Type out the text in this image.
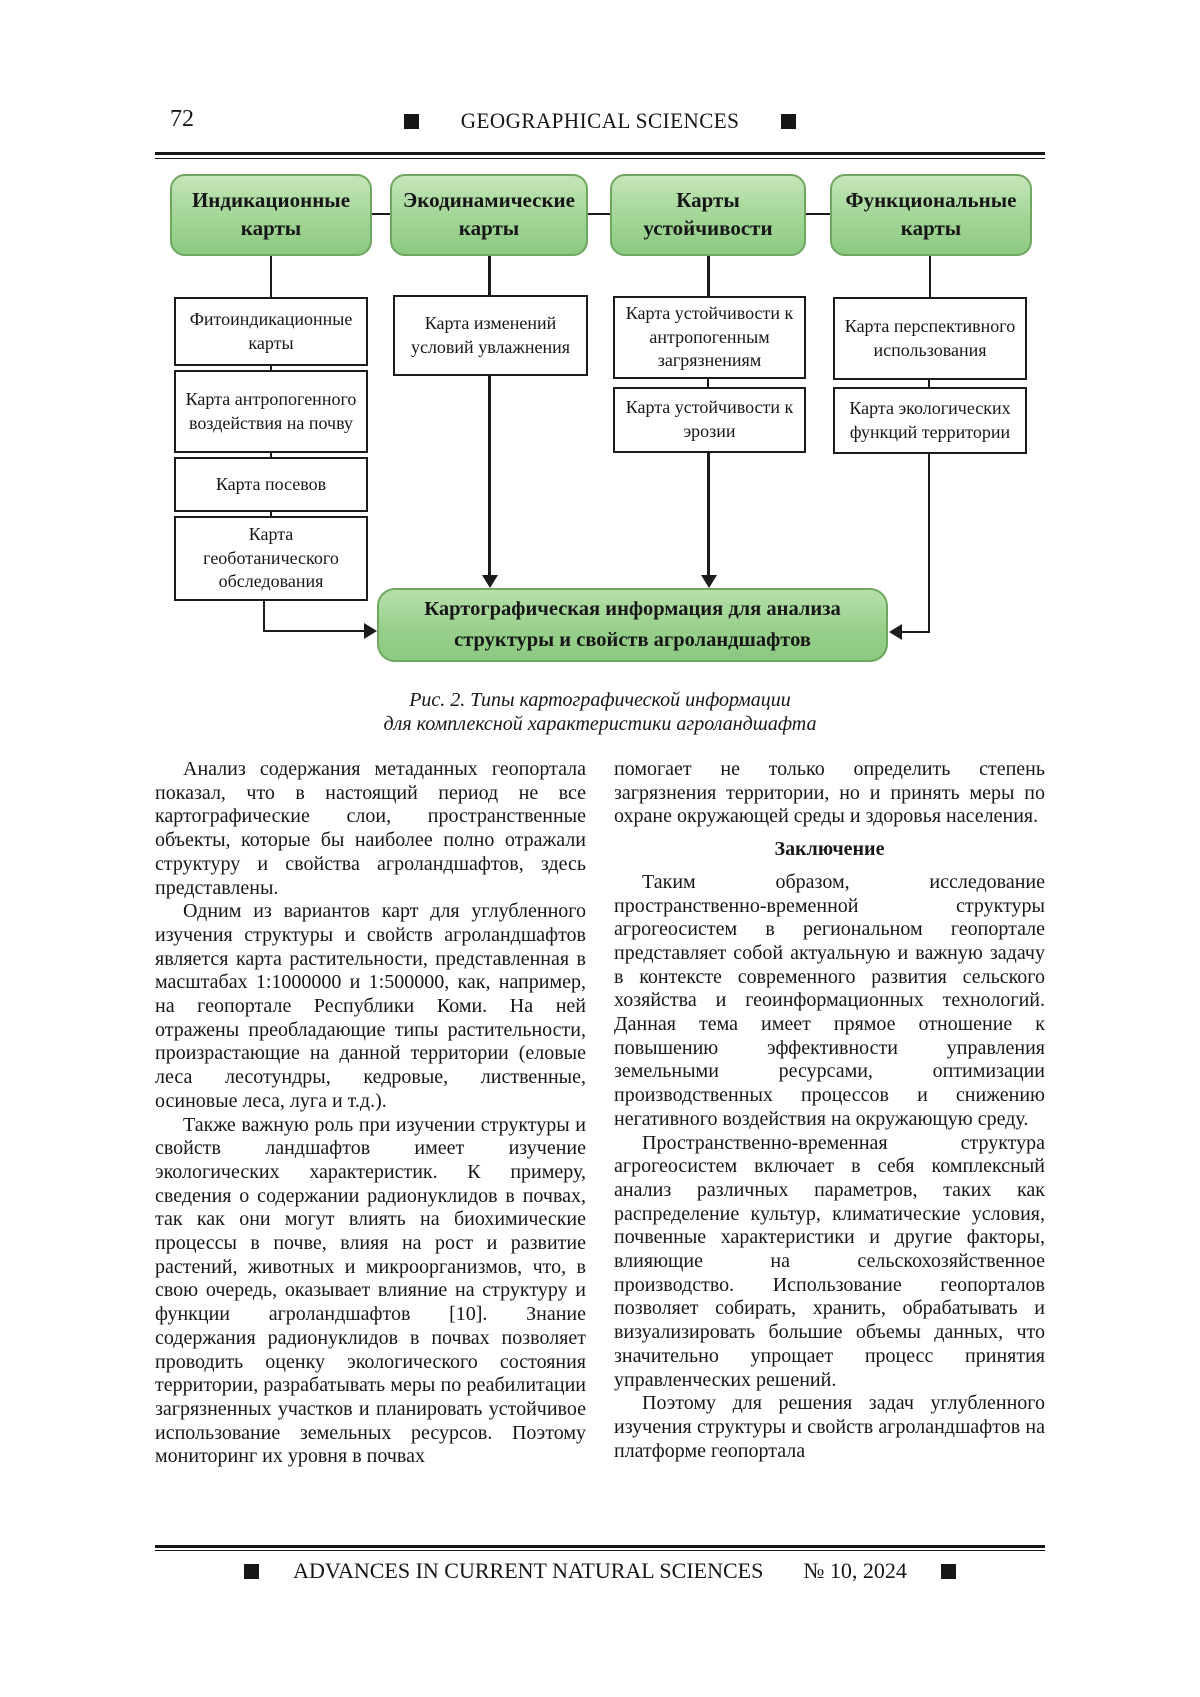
72	GEOGRAPHICAL SCIENCES
Индикационные карты
Экодинамические карты
Карты устойчивости
Функциональные карты
Фитоиндикационные карты
Карта антропогенного воздействия на почву
Карта посевов
Карта геоботанического обследования
Карта изменений условий увлажнения
Карта устойчивости к антропогенным загрязнениям
Карта устойчивости к эрозии
Карта перспективного использования
Карта экологических функций территории
Картографическая информация для анализа структуры и свойств агроландшафтов
Рис. 2. Типы картографической информации
для комплексной характеристики агроландшафта

Анализ содержания метаданных геопортала показал, что в настоящий период не все картографические слои, пространственные объекты, которые бы наиболее полно отражали структуру и свойства агроландшафтов, здесь представлены.

Одним из вариантов карт для углубленного изучения структуры и свойств агроландшафтов является карта растительности, представленная в масштабах 1:1000000 и 1:500000, как, например, на геопортале Республики Коми. На ней отражены преобладающие типы растительности, произрастающие на данной территории (еловые леса лесотундры, кедровые, лиственные, осиновые леса, луга и т.д.).

Также важную роль при изучении структуры и свойств ландшафтов имеет изучение экологических характеристик. К примеру, сведения о содержании радионуклидов в почвах, так как они могут влиять на биохимические процессы в почве, влияя на рост и развитие растений, животных и микроорганизмов, что, в свою очередь, оказывает влияние на структуру и функции агроландшафтов [10]. Знание содержания радионуклидов в почвах позволяет проводить оценку экологического состояния территории, разрабатывать меры по реабилитации загрязненных участков и планировать устойчивое использование земельных ресурсов. Поэтому мониторинг их уровня в почвах

помогает не только определить степень загрязнения территории, но и принять меры по охране окружающей среды и здоровья населения.

Заключение

Таким образом, исследование пространственно-временной структуры агрогеосистем в региональном геопортале представляет собой актуальную и важную задачу в контексте современного развития сельского хозяйства и геоинформационных технологий. Данная тема имеет прямое отношение к повышению эффективности управления земельными ресурсами, оптимизации производственных процессов и снижению негативного воздействия на окружающую среду.

Пространственно-временная структура агрогеосистем включает в себя комплексный анализ различных параметров, таких как распределение культур, климатические условия, почвенные характеристики и другие факторы, влияющие на сельскохозяйственное производство. Использование геопорталов позволяет собирать, хранить, обрабатывать и визуализировать большие объемы данных, что значительно упрощает процесс принятия управленческих решений.

Поэтому для решения задач углубленного изучения структуры и свойств агроландшафтов на платформе геопортала

ADVANCES IN CURRENT NATURAL SCIENCES № 10, 2024
